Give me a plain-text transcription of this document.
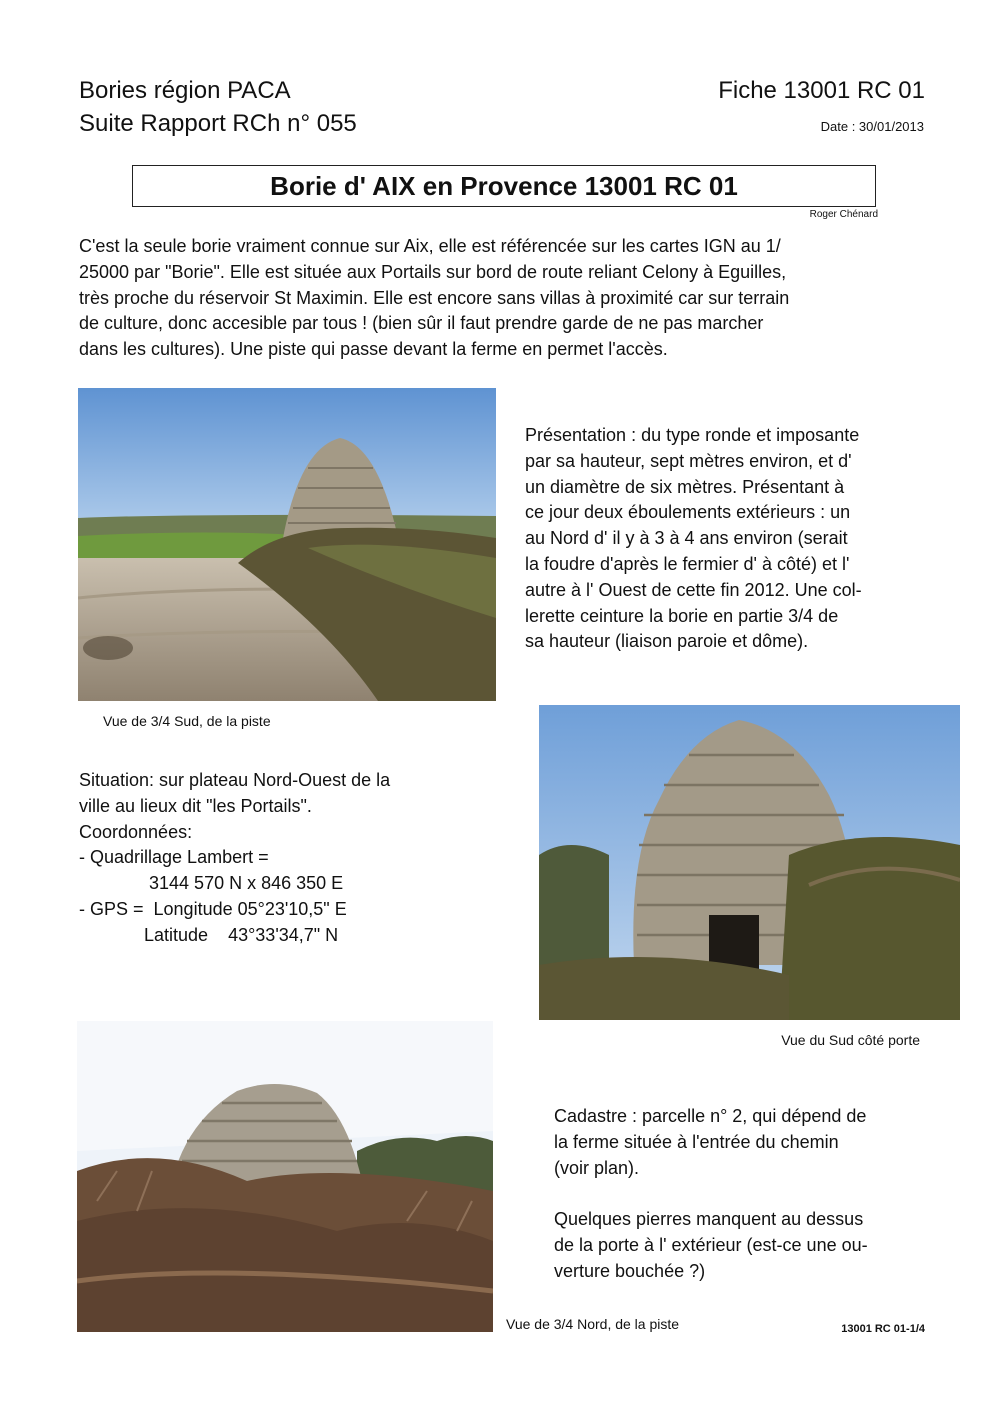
Bories région PACA
Suite Rapport RCh n° 055
Fiche 13001 RC 01
Date : 30/01/2013
Borie d' AIX en Provence 13001 RC 01
Roger Chénard

C'est la seule borie vraiment connue sur Aix, elle est référencée sur les cartes IGN au 1/

25000 par "Borie". Elle est située aux Portails sur bord de route reliant Celony à Eguilles,

très proche du réservoir St Maximin. Elle est encore sans villas à proximité car sur terrain

de culture, donc accesible par tous ! (bien sûr il faut prendre garde de ne pas marcher

dans les cultures). Une piste qui passe devant la ferme en permet l'accès.

Vue de 3/4 Sud, de la piste

Présentation : du type ronde et imposante

par sa hauteur, sept mètres environ, et d'

un diamètre de six mètres. Présentant à

ce jour deux éboulements extérieurs : un

au Nord d' il y à 3 à 4 ans environ (serait

la foudre d'après le fermier d' à côté) et l'

autre à l' Ouest de cette fin 2012. Une col-

lerette ceinture la borie en partie 3/4 de

sa hauteur (liaison paroie et dôme).

Vue du Sud côté porte

Situation: sur plateau Nord-Ouest de la

ville au lieux dit "les Portails".

Coordonnées:

- Quadrillage Lambert =

3144 570 N x 846 350 E

- GPS =  Longitude 05°23'10,5" E

Latitude    43°33'34,7" N

Vue de 3/4 Nord, de la piste

Cadastre : parcelle n° 2, qui dépend de

la ferme située à l'entrée du chemin

(voir plan).

Quelques pierres manquent au dessus

de la porte à l' extérieur (est-ce une ou-

verture bouchée ?)

13001 RC 01-1/4
